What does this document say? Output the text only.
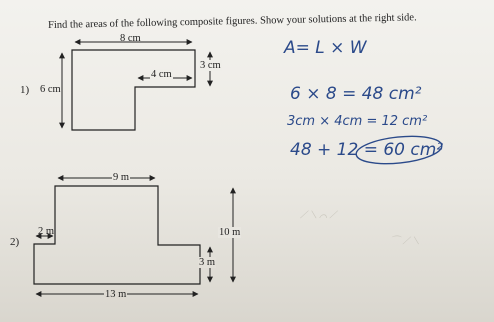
Find the areas of the following composite figures. Show your solutions at the right side.
1)
8 cm
6 cm
4 cm
3 cm
2)
9 m
2 m
13 m
10 m
3 m
A= L × W
6 × 8 = 48 cm²
3cm × 4cm = 12 cm²
48 + 12 = 60 cm²
⟋ ⟍ ⌒ ⟋
⌒ ⟋ ⟍
